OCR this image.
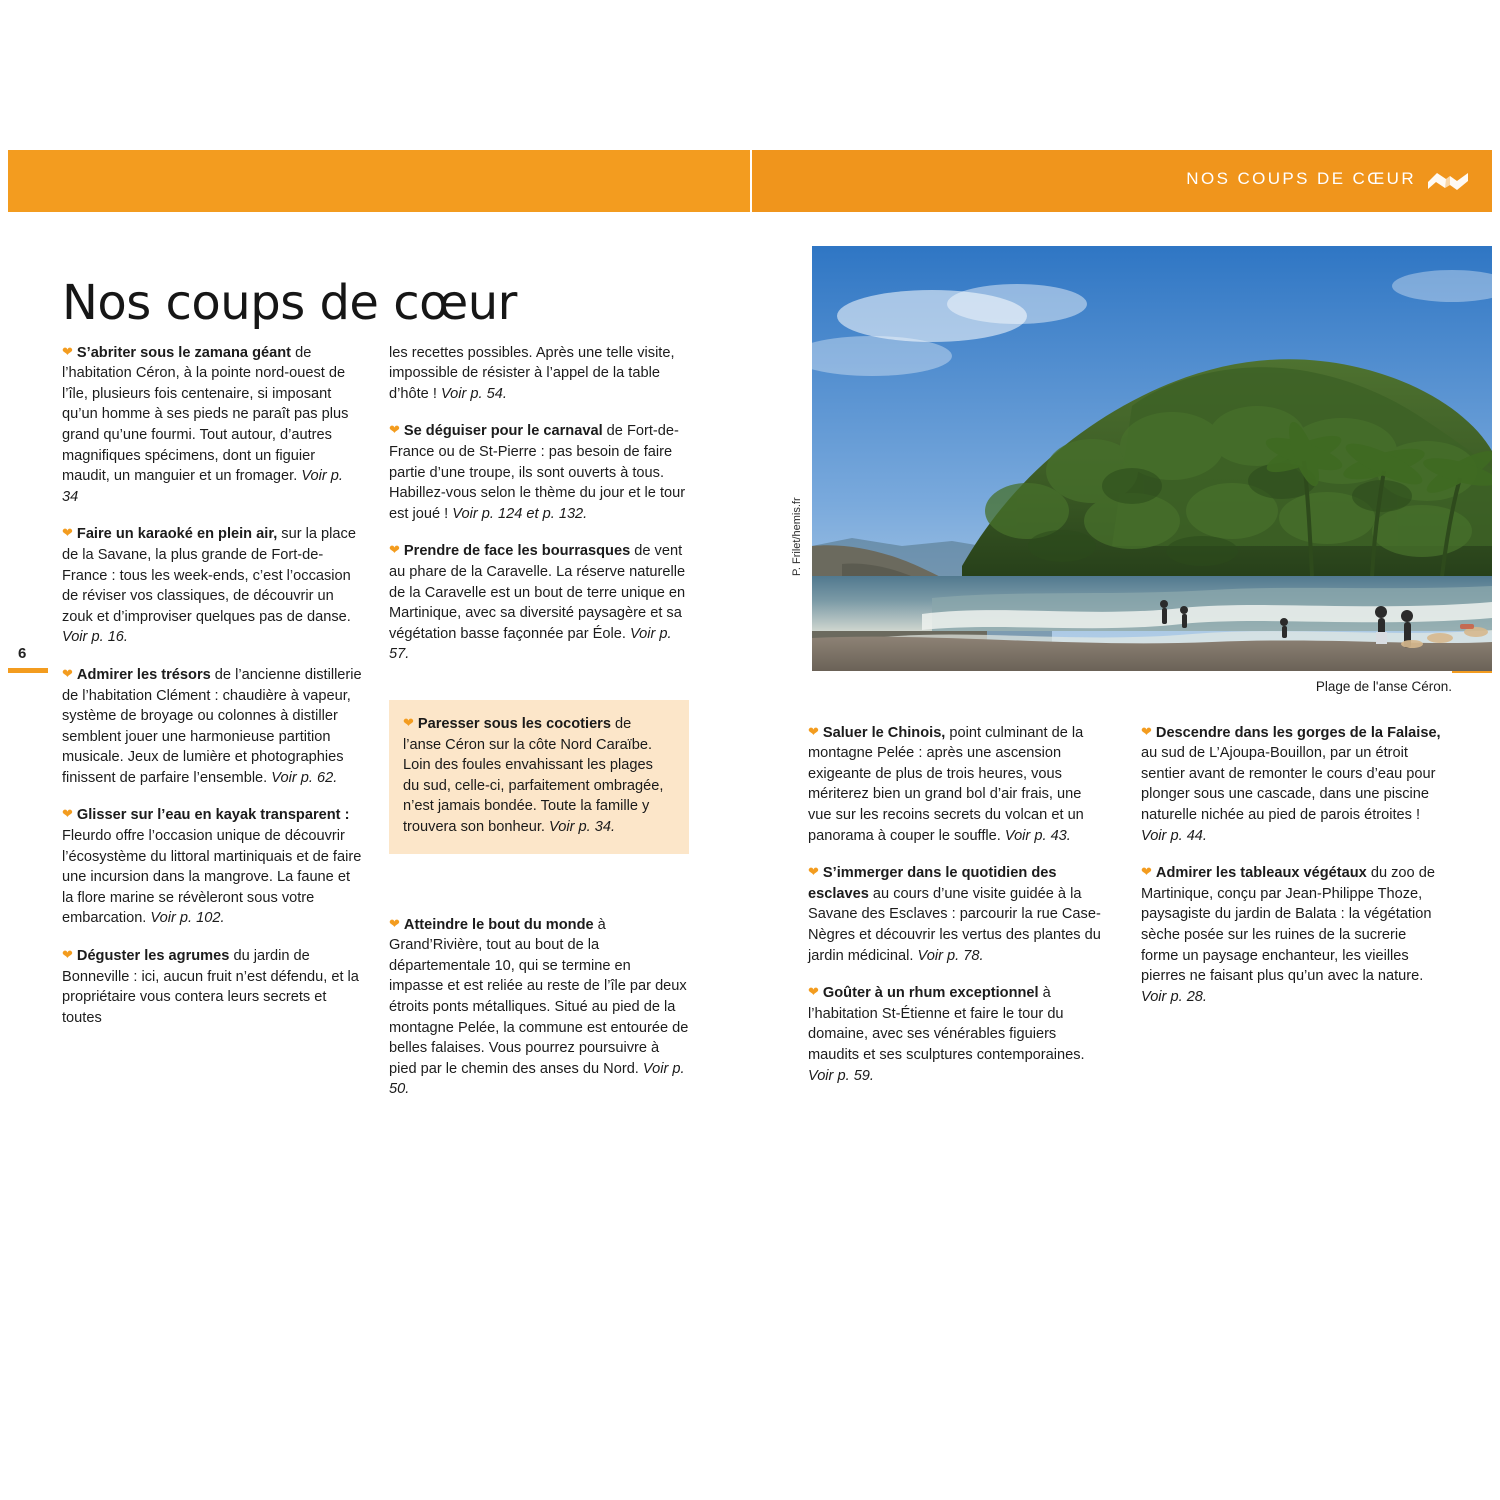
NOS COUPS DE CŒUR
6
Nos coups de cœur
P. Frilet/hemis.fr
Plage de l'anse Céron.

❤ S’abriter sous le zamana géant de l’habitation Céron, à la pointe nord-ouest de l’île, plusieurs fois centenaire, si imposant qu’un homme à ses pieds ne paraît pas plus grand qu’une fourmi. Tout autour, d’autres magnifiques spécimens, dont un figuier maudit, un manguier et un fromager. Voir p. 34

❤ Faire un karaoké en plein air, sur la place de la Savane, la plus grande de Fort-de-France : tous les week-ends, c’est l’occasion de réviser vos classiques, de découvrir un zouk et d’improviser quelques pas de danse. Voir p. 16.

❤ Admirer les trésors de l’ancienne distillerie de l’habitation Clément : chaudière à vapeur, système de broyage ou colonnes à distiller semblent jouer une harmonieuse partition musicale. Jeux de lumière et photographies finissent de parfaire l’ensemble. Voir p. 62.

❤ Glisser sur l’eau en kayak transparent : Fleurdo offre l’occasion unique de découvrir l’écosystème du littoral martiniquais et de faire une incursion dans la mangrove. La faune et la flore marine se révèleront sous votre embarcation. Voir p. 102.

❤ Déguster les agrumes du jardin de Bonneville : ici, aucun fruit n’est défendu, et la propriétaire vous contera leurs secrets et toutes

les recettes possibles. Après une telle visite, impossible de résister à l’appel de la table d’hôte ! Voir p. 54.

❤ Se déguiser pour le carnaval de Fort-de-France ou de St-Pierre : pas besoin de faire partie d’une troupe, ils sont ouverts à tous. Habillez-vous selon le thème du jour et le tour est joué ! Voir p. 124 et p. 132.

❤ Prendre de face les bourrasques de vent au phare de la Caravelle. La réserve naturelle de la Caravelle est un bout de terre unique en Martinique, avec sa diversité paysagère et sa végétation basse façonnée par Éole. Voir p. 57.

❤ Paresser sous les cocotiers de l’anse Céron sur la côte Nord Caraïbe. Loin des foules envahissant les plages du sud, celle-ci, parfaitement ombragée, n’est jamais bondée. Toute la famille y trouvera son bonheur. Voir p. 34.

❤ Atteindre le bout du monde à Grand’Rivière, tout au bout de la départementale 10, qui se termine en impasse et est reliée au reste de l’île par deux étroits ponts métalliques. Situé au pied de la montagne Pelée, la commune est entourée de belles falaises. Vous pourrez poursuivre à pied par le chemin des anses du Nord. Voir p. 50.

❤ Saluer le Chinois, point culminant de la montagne Pelée : après une ascension exigeante de plus de trois heures, vous mériterez bien un grand bol d’air frais, une vue sur les recoins secrets du volcan et un panorama à couper le souffle. Voir p. 43.

❤ S’immerger dans le quotidien des esclaves au cours d’une visite guidée à la Savane des Esclaves : parcourir la rue Case-Nègres et découvrir les vertus des plantes du jardin médicinal. Voir p. 78.

❤ Goûter à un rhum exceptionnel à l’habitation St-Étienne et faire le tour du domaine, avec ses vénérables figuiers maudits et ses sculptures contemporaines. Voir p. 59.

❤ Descendre dans les gorges de la Falaise, au sud de L’Ajoupa-Bouillon, par un étroit sentier avant de remonter le cours d’eau pour plonger sous une cascade, dans une piscine naturelle nichée au pied de parois étroites ! Voir p. 44.

❤ Admirer les tableaux végétaux du zoo de Martinique, conçu par Jean-Philippe Thoze, paysagiste du jardin de Balata : la végétation sèche posée sur les ruines de la sucrerie forme un paysage enchanteur, les vieilles pierres ne faisant plus qu’un avec la nature. Voir p. 28.
